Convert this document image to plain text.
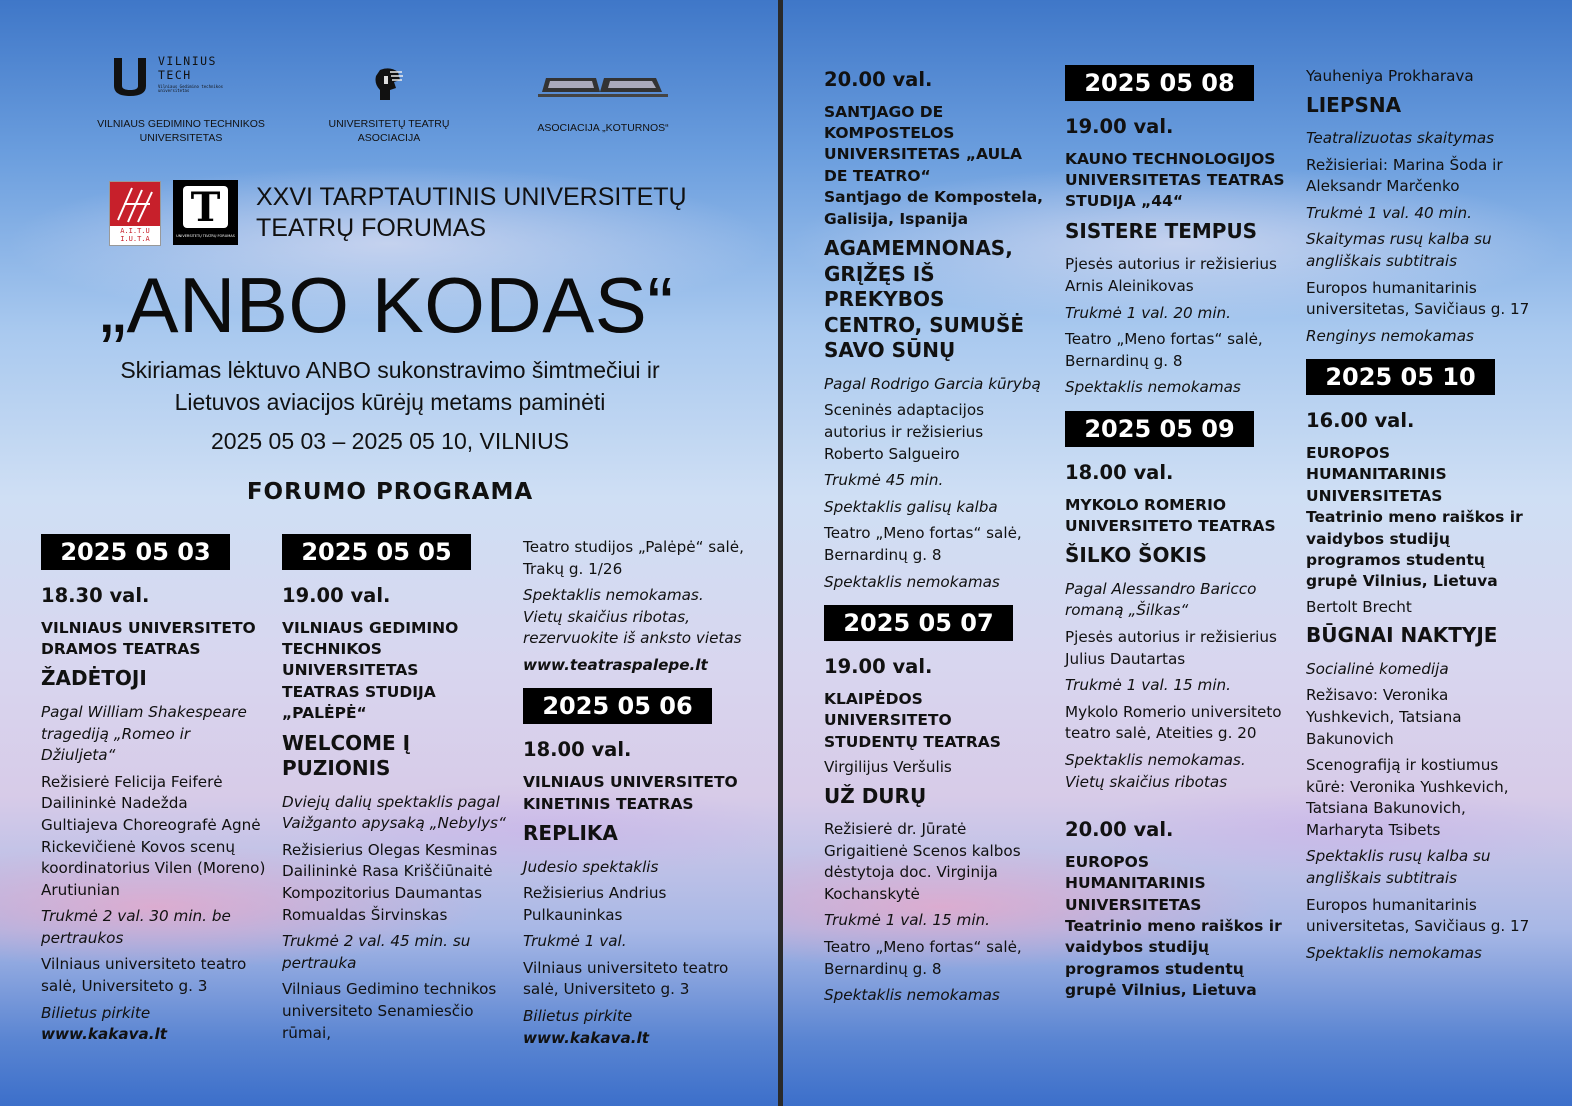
VILNIUS
TECH
Vilniaus Gedimino technikos universitetas
VILNIAUS GEDIMINO TECHNIKOS UNIVERSITETAS
UNIVERSITETŲ TEATRŲ ASOCIACIJA
ASOCIACIJA „KOTURNOS“
A.I.T.U I.U.T.A
T
UNIVERSITETŲ TEATRŲ FORUMAS
XXVI TARPTAUTINIS UNIVERSITETŲ
TEATRŲ FORUMAS
„ANBO KODAS“
Skiriamas lėktuvo ANBO sukonstravimo šimtmečiui ir
Lietuvos aviacijos kūrėjų metams paminėti
2025 05 03 – 2025 05 10, VILNIUS
FORUMO PROGRAMA
2025 05 03
18.30 val.
VILNIAUS UNIVERSITETO DRAMOS TEATRAS
ŽADĖTOJI
Pagal William Shakespeare tragediją „Romeo ir Džiuljeta“
Režisierė Felicija Feiferė Dailininkė Nadežda Gultiajeva Choreografė Agnė Rickevičienė Kovos scenų koordinatorius Vilen (Moreno) Arutiunian
Trukmė 2 val. 30 min. be pertraukos
Vilniaus universiteto teatro salė, Universiteto g. 3
Bilietus pirkite
www.kakava.lt
2025 05 05
19.00 val.
VILNIAUS GEDIMINO TECHNIKOS UNIVERSITETAS TEATRAS STUDIJA „PALĖPĖ“
WELCOME Į PUZIONIS
Dviejų dalių spektaklis pagal Vaižganto apysaką „Nebylys“
Režisierius Olegas Kesminas Dailininkė Rasa Kriščiūnaitė Kompozitorius Daumantas Romualdas Širvinskas
Trukmė 2 val. 45 min. su pertrauka
Vilniaus Gedimino technikos universiteto Senamiesčio rūmai,
Teatro studijos „Palėpė“ salė, Trakų g. 1/26
Spektaklis nemokamas. Vietų skaičius ribotas, rezervuokite iš anksto vietas
www.teatraspalepe.lt
2025 05 06
18.00 val.
VILNIAUS UNIVERSITETO KINETINIS TEATRAS
REPLIKA
Judesio spektaklis
Režisierius Andrius Pulkauninkas
Trukmė 1 val.
Vilniaus universiteto teatro salė, Universiteto g. 3
Bilietus pirkite
www.kakava.lt
20.00 val.
SANTJAGO DE KOMPOSTELOS UNIVERSITETAS „AULA DE TEATRO“
Santjago de Kompostela, Galisija, Ispanija
AGAMEMNONAS, GRĮŽĘS IŠ PREKYBOS CENTRO, SUMUŠĖ SAVO SŪNŲ
Pagal Rodrigo Garcia kūrybą
Sceninės adaptacijos autorius ir režisierius Roberto Salgueiro
Trukmė 45 min.
Spektaklis galisų kalba
Teatro „Meno fortas“ salė, Bernardinų g. 8
Spektaklis nemokamas
2025 05 07
19.00 val.
KLAIPĖDOS UNIVERSITETO STUDENTŲ TEATRAS
Virgilijus Veršulis
UŽ DURŲ
Režisierė dr. Jūratė Grigaitienė Scenos kalbos dėstytoja doc. Virginija Kochanskytė
Trukmė 1 val. 15 min.
Teatro „Meno fortas“ salė, Bernardinų g. 8
Spektaklis nemokamas
2025 05 08
19.00 val.
KAUNO TECHNOLOGIJOS UNIVERSITETAS TEATRAS STUDIJA „44“
SISTERE TEMPUS
Pjesės autorius ir režisierius Arnis Aleinikovas
Trukmė 1 val. 20 min.
Teatro „Meno fortas“ salė, Bernardinų g. 8
Spektaklis nemokamas
2025 05 09
18.00 val.
MYKOLO ROMERIO UNIVERSITETO TEATRAS
ŠILKO ŠOKIS
Pagal Alessandro Baricco romaną „Šilkas“
Pjesės autorius ir režisierius Julius Dautartas
Trukmė 1 val. 15 min.
Mykolo Romerio universiteto teatro salė, Ateities g. 20
Spektaklis nemokamas. Vietų skaičius ribotas
20.00 val.
EUROPOS HUMANITARINIS UNIVERSITETAS
Teatrinio meno raiškos ir vaidybos studijų programos studentų grupė Vilnius, Lietuva
Yauheniya Prokharava
LIEPSNA
Teatralizuotas skaitymas
Režisieriai: Marina Šoda ir Aleksandr Marčenko
Trukmė 1 val. 40 min.
Skaitymas rusų kalba su angliškais subtitrais
Europos humanitarinis universitetas, Savičiaus g. 17
Renginys nemokamas
2025 05 10
16.00 val.
EUROPOS HUMANITARINIS UNIVERSITETAS
Teatrinio meno raiškos ir vaidybos studijų programos studentų grupė Vilnius, Lietuva
Bertolt Brecht
BŪGNAI NAKTYJE
Socialinė komedija
Režisavo: Veronika Yushkevich, Tatsiana Bakunovich
Scenografiją ir kostiumus kūrė: Veronika Yushkevich, Tatsiana Bakunovich, Marharyta Tsibets
Spektaklis rusų kalba su angliškais subtitrais
Europos humanitarinis universitetas, Savičiaus g. 17
Spektaklis nemokamas
